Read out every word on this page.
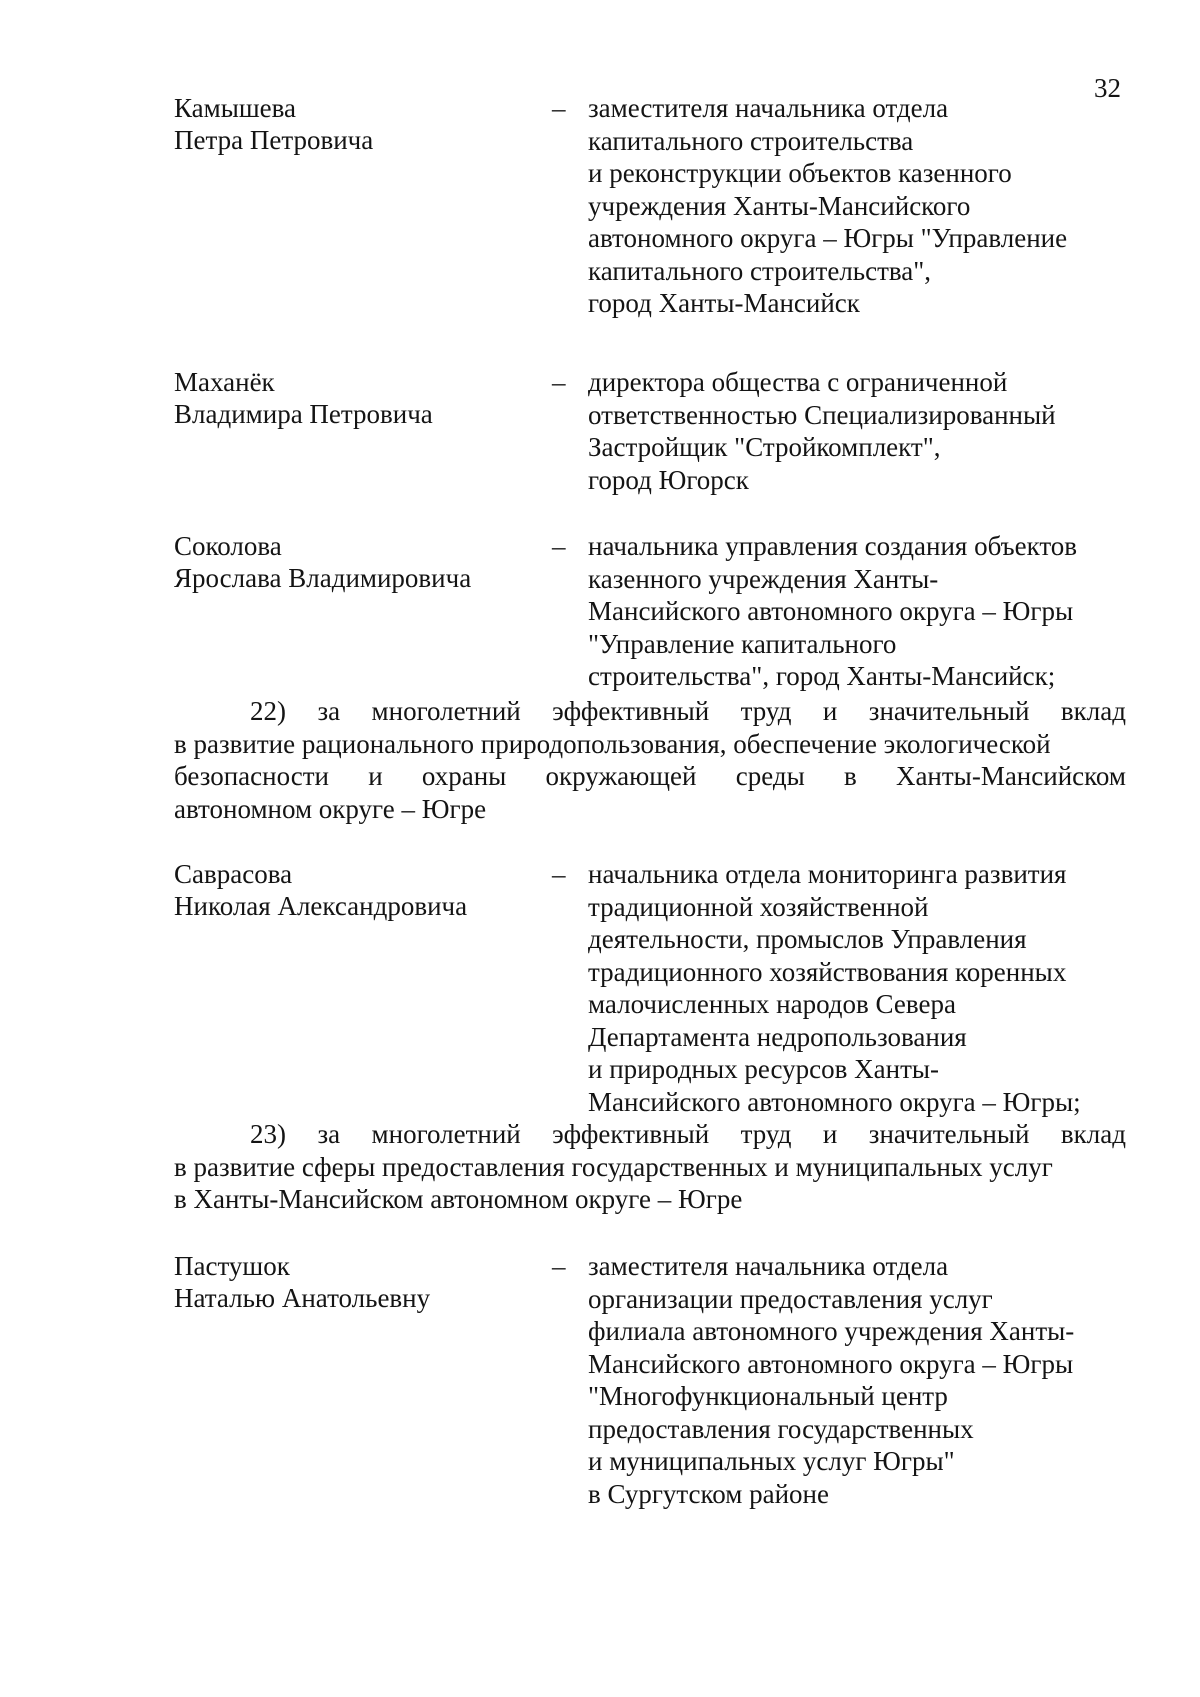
32
Камышева
Петра Петровича
– заместителя начальника отдела
капитального строительства
и реконструкции объектов казенного
учреждения Ханты-Мансийского
автономного округа – Югры "Управление
капитального строительства",
город Ханты-Мансийск
Маханёк
Владимира Петровича
– директора общества с ограниченной
ответственностью Специализированный
Застройщик "Стройкомплект",
город Югорск
Соколова
Ярослава Владимировича
– начальника управления создания объектов
казенного учреждения Ханты-
Мансийского автономного округа – Югры
"Управление капитального
строительства", город Ханты-Мансийск;
22) за многолетний эффективный труд и значительный вклад
в развитие рационального природопользования, обеспечение экологической
безопасности и охраны окружающей среды в Ханты-Мансийском
автономном округе – Югре
Саврасова
Николая Александровича
– начальника отдела мониторинга развития
традиционной хозяйственной
деятельности, промыслов Управления
традиционного хозяйствования коренных
малочисленных народов Севера
Департамента недропользования
и природных ресурсов Ханты-
Мансийского автономного округа – Югры;
23) за многолетний эффективный труд и значительный вклад
в развитие сферы предоставления государственных и муниципальных услуг
в Ханты-Мансийском автономном округе – Югре
Пастушок
Наталью Анатольевну
– заместителя начальника отдела
организации предоставления услуг
филиала автономного учреждения Ханты-
Мансийского автономного округа – Югры
"Многофункциональный центр
предоставления государственных
и муниципальных услуг Югры"
в Сургутском районе
